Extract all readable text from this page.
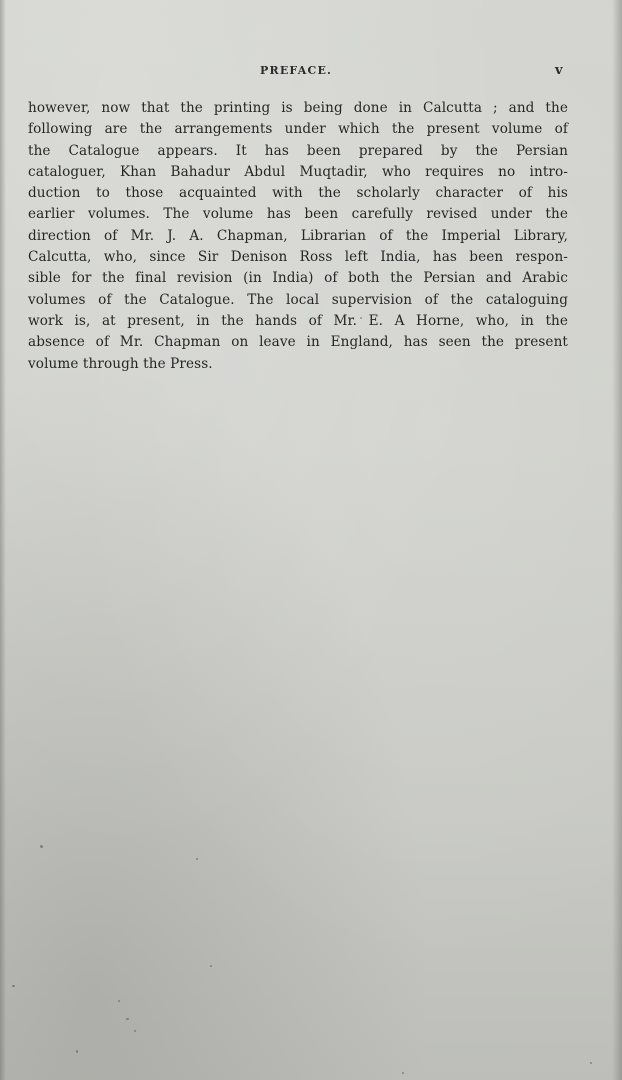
PREFACE.	v
however, now that the printing is being done in Calcutta ; and the
following are the arrangements under which the present volume of
the Catalogue appears. It has been prepared by the Persian
cataloguer, Khan Bahadur Abdul Muqtadir, who requires no intro-
duction to those acquainted with the scholarly character of his
earlier volumes. The volume has been carefully revised under the
direction of Mr. J. A. Chapman, Librarian of the Imperial Library,
Calcutta, who, since Sir Denison Ross left India, has been respon-
sible for the final revision (in India) of both the Persian and Arabic
volumes of the Catalogue. The local supervision of the cataloguing
work is, at present, in the hands of Mr. E. A Horne, who, in the
absence of Mr. Chapman on leave in England, has seen the present
volume through the Press.
